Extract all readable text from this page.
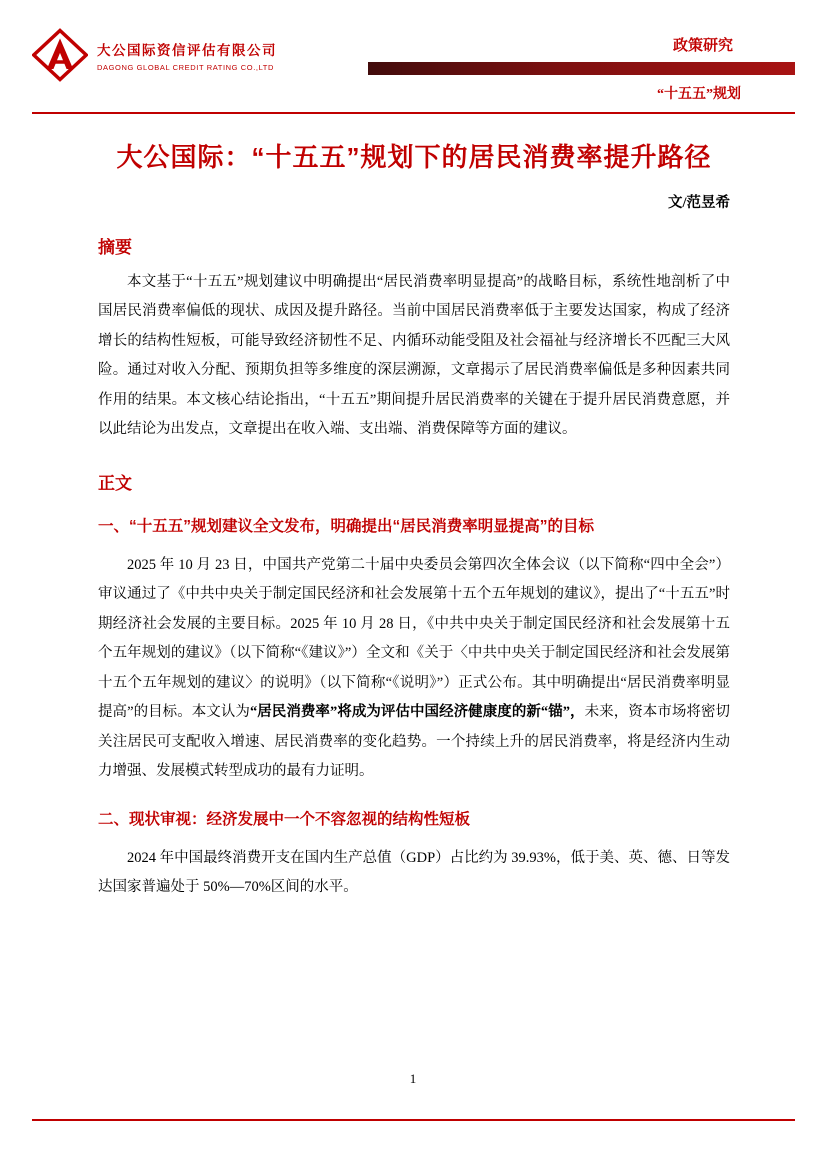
大公国际资信评估有限公司
DAGONG GLOBAL CREDIT RATING CO.,LTD
政策研究
“十五五”规划
大公国际：“十五五”规划下的居民消费率提升路径
文/范昱希
摘要

本文基于“十五五”规划建议中明确提出“居民消费率明显提高”的战略目标，系统性地剖析了中国居民消费率偏低的现状、成因及提升路径。当前中国居民消费率低于主要发达国家，构成了经济增长的结构性短板，可能导致经济韧性不足、内循环动能受阻及社会福祉与经济增长不匹配三大风险。通过对收入分配、预期负担等多维度的深层溯源，文章揭示了居民消费率偏低是多种因素共同作用的结果。本文核心结论指出，“十五五”期间提升居民消费率的关键在于提升居民消费意愿，并以此结论为出发点，文章提出在收入端、支出端、消费保障等方面的建议。

正文
一、“十五五”规划建议全文发布，明确提出“居民消费率明显提高”的目标

2025 年 10 月 23 日，中国共产党第二十届中央委员会第四次全体会议（以下简称“四中全会”）审议通过了《中共中央关于制定国民经济和社会发展第十五个五年规划的建议》，提出了“十五五”时期经济社会发展的主要目标。2025 年 10 月 28 日，《中共中央关于制定国民经济和社会发展第十五个五年规划的建议》（以下简称“《建议》”）全文和《关于〈中共中央关于制定国民经济和社会发展第十五个五年规划的建议〉的说明》（以下简称“《说明》”）正式公布。其中明确提出“居民消费率明显提高”的目标。本文认为“居民消费率”将成为评估中国经济健康度的新“锚”，未来，资本市场将密切关注居民可支配收入增速、居民消费率的变化趋势。一个持续上升的居民消费率，将是经济内生动力增强、发展模式转型成功的最有力证明。

二、现状审视：经济发展中一个不容忽视的结构性短板

2024 年中国最终消费开支在国内生产总值（GDP）占比约为 39.93%，低于美、英、德、日等发达国家普遍处于 50%—70%区间的水平。

1
